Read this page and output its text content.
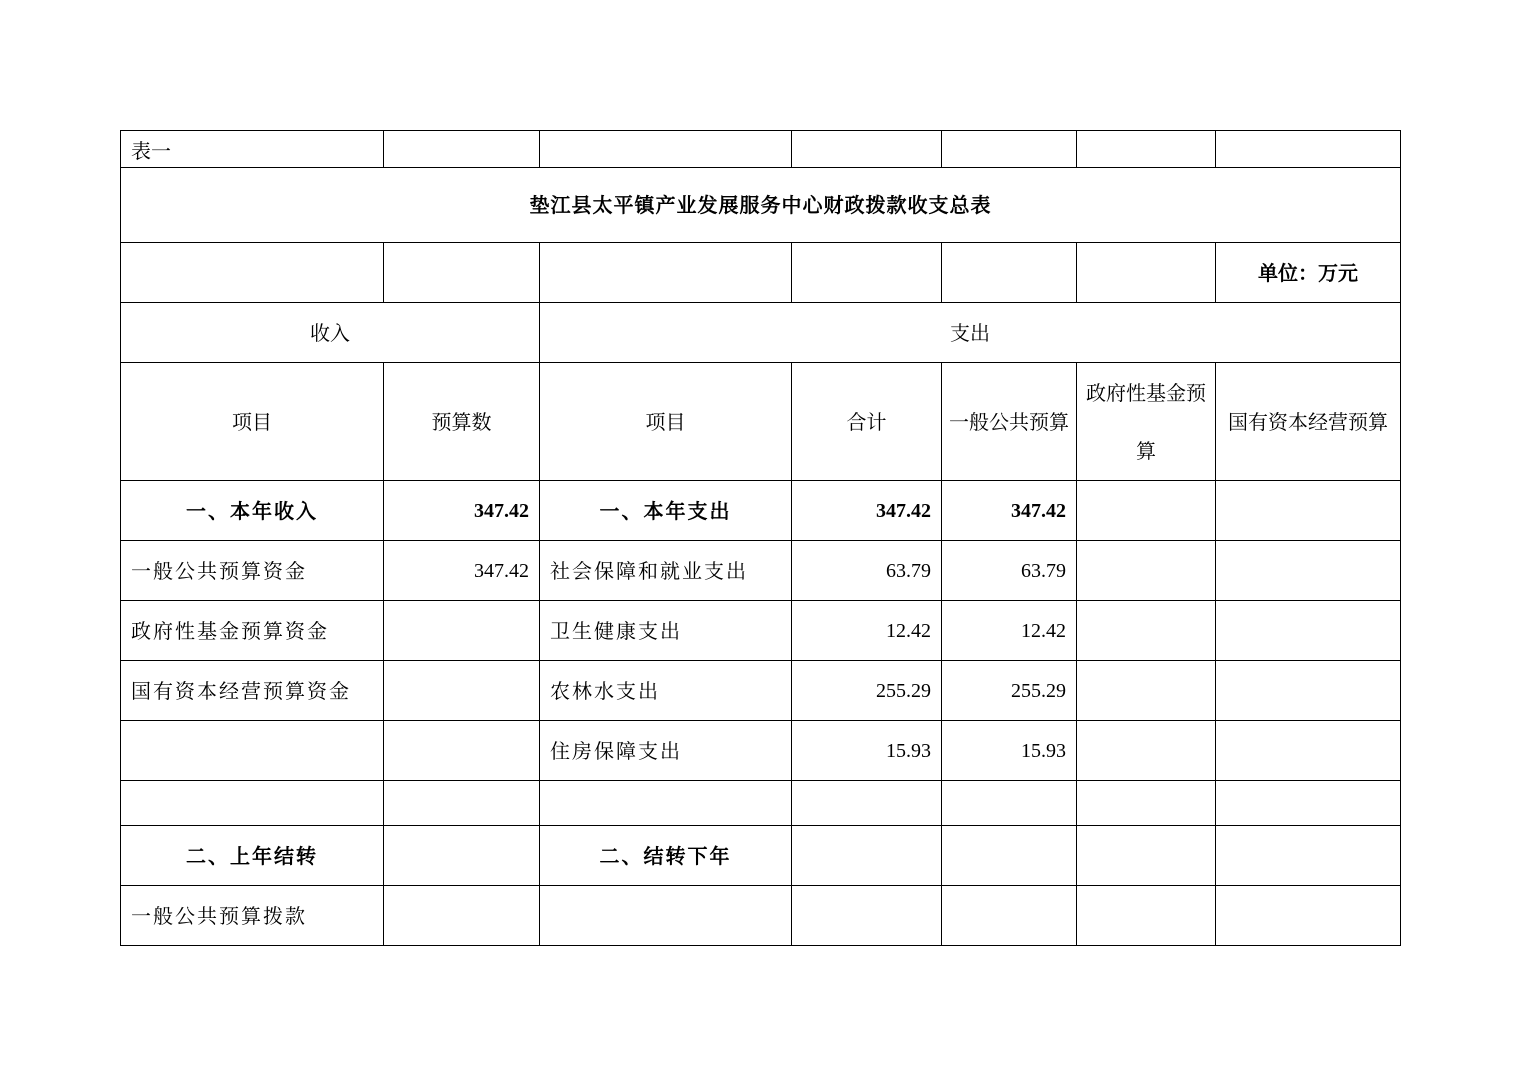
表一						
垫江县太平镇产业发展服务中心财政拨款收支总表						
						单位：万元
收入		支出				
项目	预算数	项目	合计	一般公共预算	政府性基金预算	国有资本经营预算
一、本年收入	347.42	一、本年支出	347.42	347.42		
一般公共预算资金	347.42	社会保障和就业支出	63.79	63.79		
政府性基金预算资金		卫生健康支出	12.42	12.42		
国有资本经营预算资金		农林水支出	255.29	255.29		
		住房保障支出	15.93	15.93		

二、上年结转		二、结转下年				
一般公共预算拨款						
